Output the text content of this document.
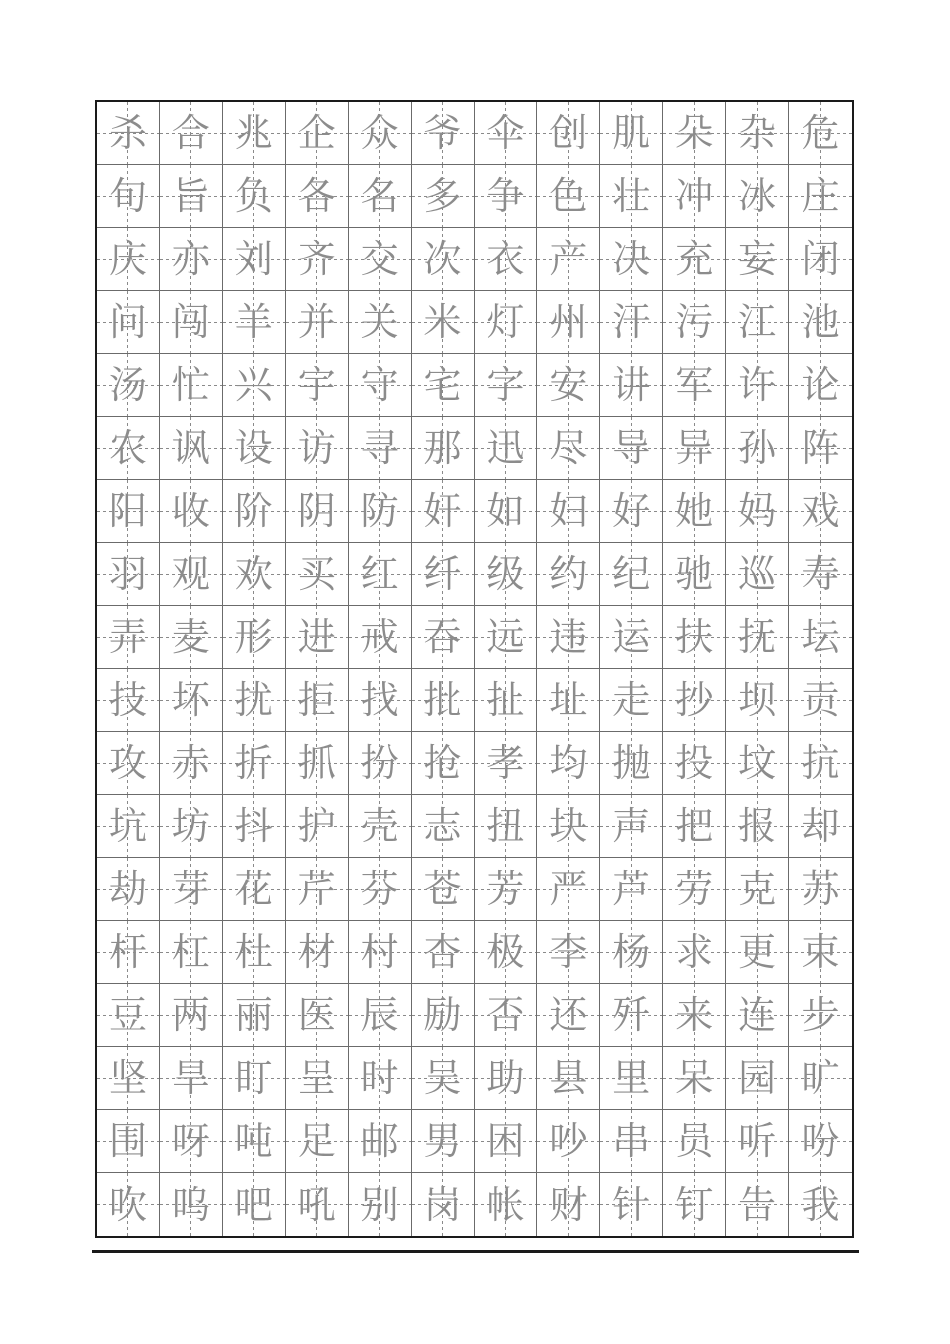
杀 合 兆 企 众 爷 伞 创 肌 朵 杂 危
旬 旨 负 各 名 多 争 色 壮 冲 冰 庄
庆 亦 刘 齐 交 次 衣 产 决 充 妄 闭
问 闯 羊 并 关 米 灯 州 汗 污 江 池
汤 忙 兴 宇 守 宅 字 安 讲 军 许 论
农 讽 设 访 寻 那 迅 尽 导 异 孙 阵
阳 收 阶 阴 防 奸 如 妇 好 她 妈 戏
羽 观 欢 买 红 纤 级 约 纪 驰 巡 寿
弄 麦 形 进 戒 吞 远 违 运 扶 抚 坛
技 坏 扰 拒 找 批 扯 址 走 抄 坝 贡
攻 赤 折 抓 扮 抢 孝 均 抛 投 坟 抗
坑 坊 抖 护 壳 志 扭 块 声 把 报 却
劫 芽 花 芹 芬 苍 芳 严 芦 劳 克 苏
杆 杠 杜 材 村 杏 极 李 杨 求 更 束
豆 两 丽 医 辰 励 否 还 歼 来 连 步
坚 旱 盯 呈 时 吴 助 县 里 呆 园 旷
围 呀 吨 足 邮 男 困 吵 串 员 听 吩
吹 呜 吧 吼 别 岗 帐 财 针 钉 告 我
